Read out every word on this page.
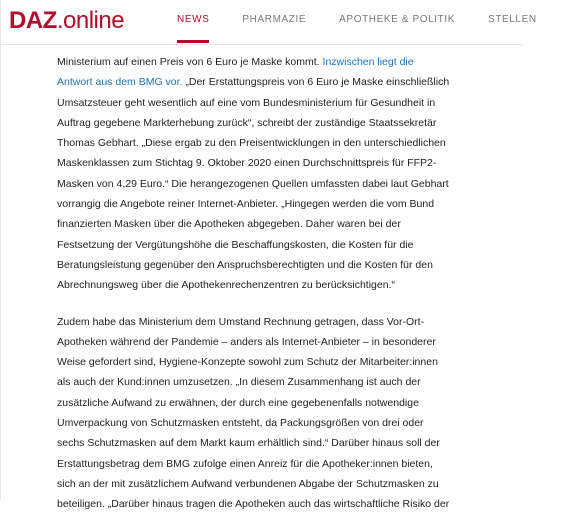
DAZ.online	NEWS	PHARMAZIE	APOTHEKE & POLITIK	STELLEN

Ministerium auf einen Preis von 6 Euro je Maske kommt. Inzwischen liegt die
Antwort aus dem BMG vor. „Der Erstattungspreis von 6 Euro je Maske einschließlich
Umsatzsteuer geht wesentlich auf eine vom Bundesministerium für Gesundheit in
Auftrag gegebene Markterhebung zurück“, schreibt der zuständige Staatssekretär
Thomas Gebhart. „Diese ergab zu den Preisentwicklungen in den unterschiedlichen
Maskenklassen zum Stichtag 9. Oktober 2020 einen Durchschnittspreis für FFP2-
Masken von 4,29 Euro.“ Die herangezogenen Quellen umfassten dabei laut Gebhart
vorrangig die Angebote reiner Internet-Anbieter. „Hingegen werden die vom Bund
finanzierten Masken über die Apotheken abgegeben. Daher waren bei der
Festsetzung der Vergütungshöhe die Beschaffungskosten, die Kosten für die
Beratungsleistung gegenüber den Anspruchsberechtigten und die Kosten für den
Abrechnungsweg über die Apothekenrechenzentren zu berücksichtigen.“

Zudem habe das Ministerium dem Umstand Rechnung getragen, dass Vor-Ort-
Apotheken während der Pandemie – anders als Internet-Anbieter – in besonderer
Weise gefordert sind, Hygiene-Konzepte sowohl zum Schutz der Mitarbeiter:innen
als auch der Kund:innen umzusetzen. „In diesem Zusammenhang ist auch der
zusätzliche Aufwand zu erwähnen, der durch eine gegebenenfalls notwendige
Umverpackung von Schutzmasken entsteht, da Packungsgrößen von drei oder
sechs Schutzmasken auf dem Markt kaum erhältlich sind.“ Darüber hinaus soll der
Erstattungsbetrag dem BMG zufolge einen Anreiz für die Apotheker:innen bieten,
sich an der mit zusätzlichem Aufwand verbundenen Abgabe der Schutzmasken zu
beteiligen. „Darüber hinaus tragen die Apotheken auch das wirtschaftliche Risiko der
